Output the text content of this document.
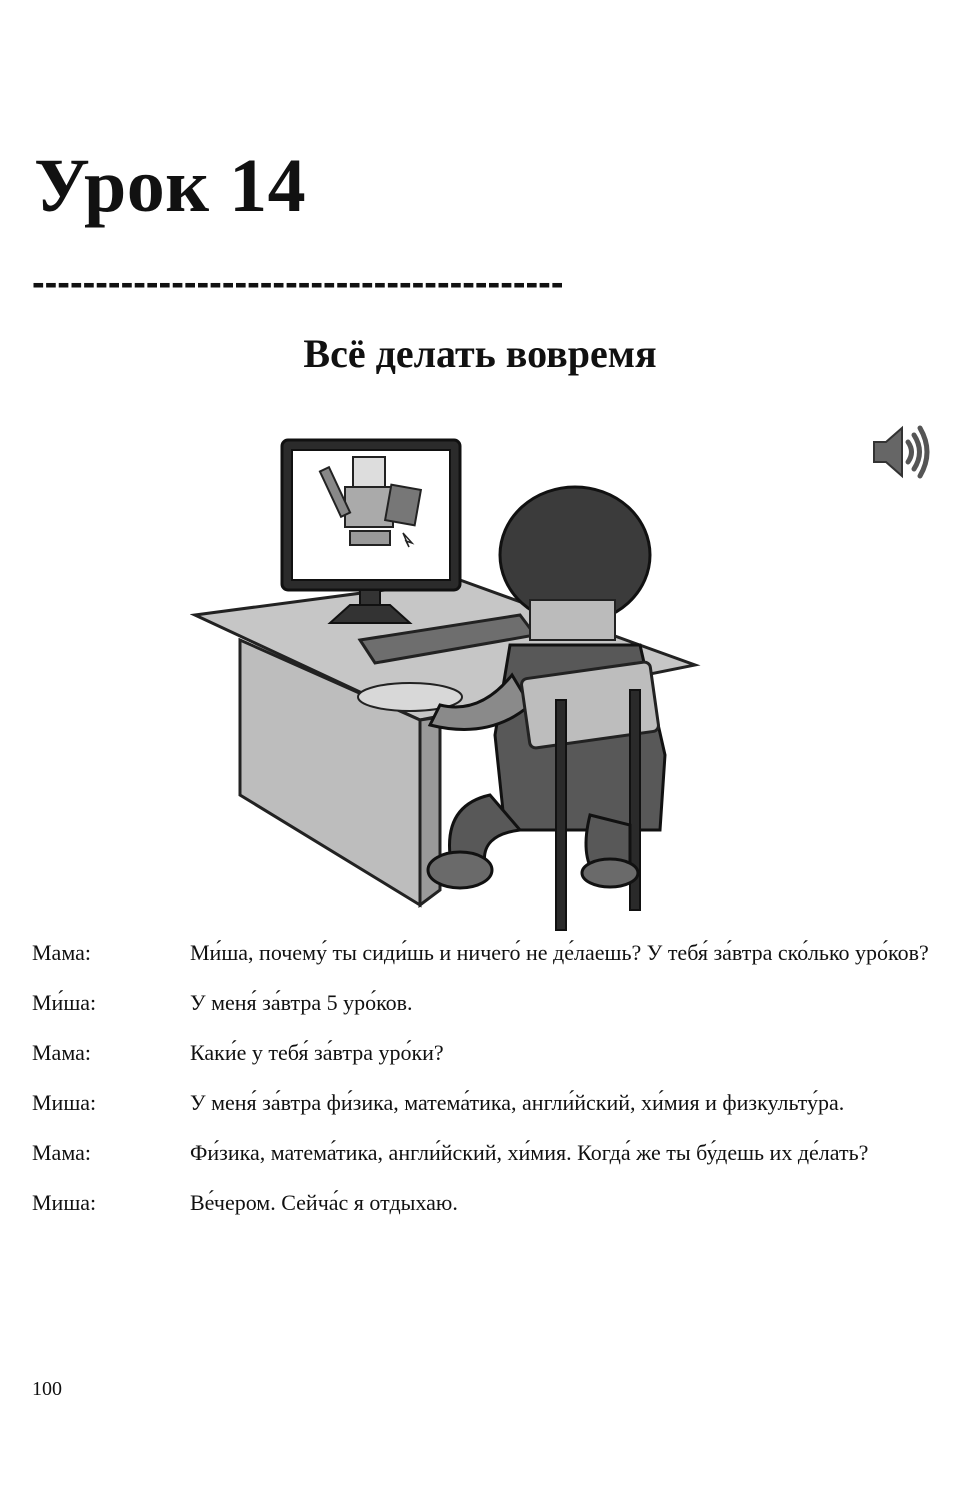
Урок 14
------------------------------------------
Всё делать вовремя
Мама:	Ми́ша, почему́ ты сиди́шь и ничего́ не де́лаешь? У тебя́ за́втра ско́лько уро́ков?
Ми́ша:	У меня́ за́втра 5 уро́ков.
Мама:	Каки́е у тебя́ за́втра уро́ки?
Миша:	У меня́ за́втра фи́зика, матема́тика, англи́йский, хи́мия и физкульту́ра.
Мама:	Фи́зика, матема́тика, англи́йский, хи́мия. Когда́ же ты бу́дешь их де́лать?
Миша:	Ве́чером. Сейча́с я отдыхаю.
100
